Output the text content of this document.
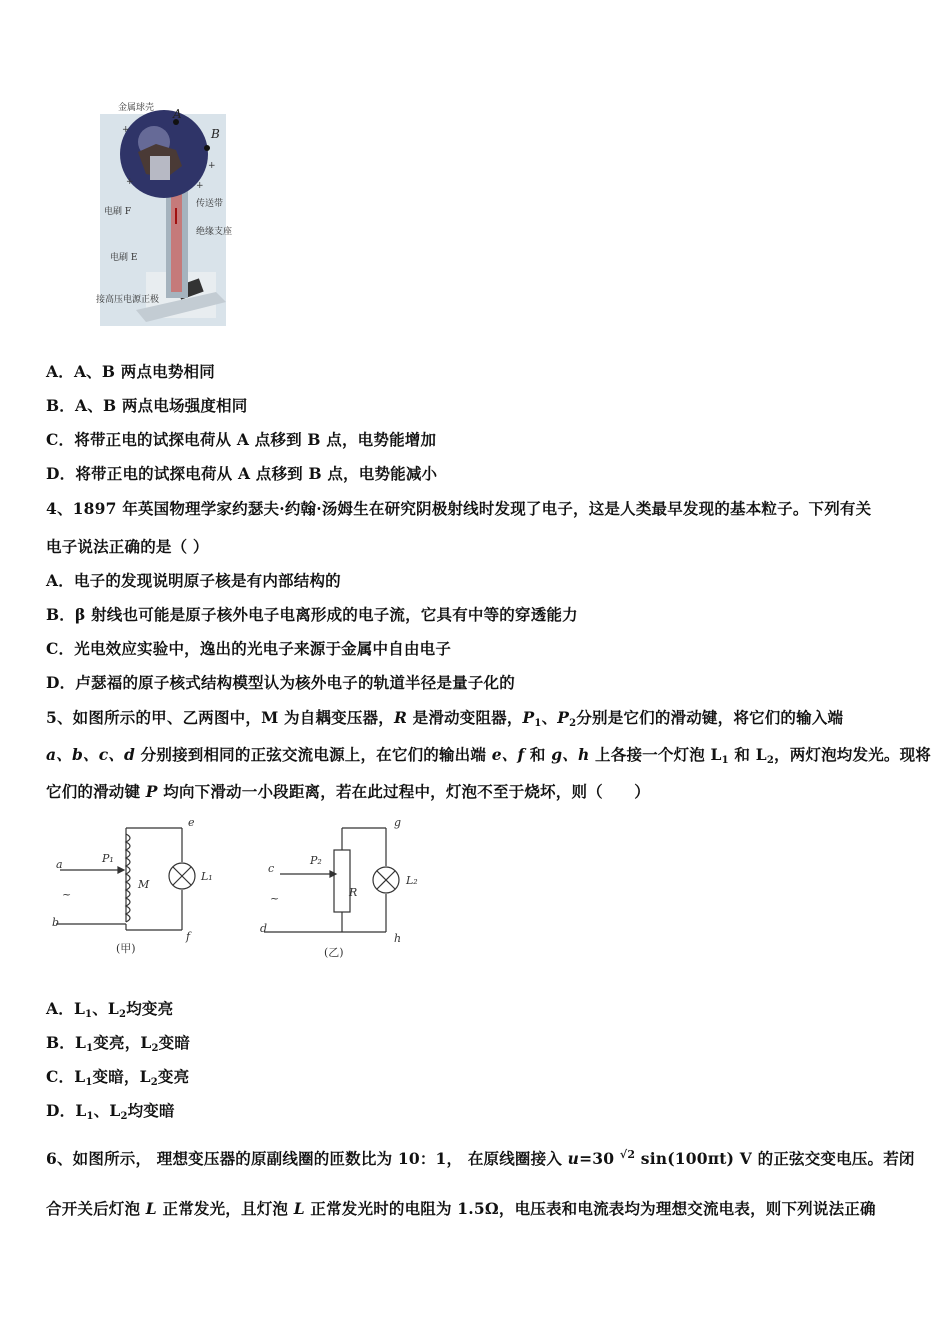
金属球壳 A
B
电刷 F
传送带
绝缘支座
电刷 E
接高压电源正极
+
+
+	+
A．A、B 两点电势相同
B．A、B 两点电场强度相同
C．将带正电的试探电荷从 A 点移到 B 点，电势能增加
D．将带正电的试探电荷从 A 点移到 B 点，电势能减小
4、1897 年英国物理学家约瑟夫·约翰·汤姆生在研究阴极射线时发现了电子，这是人类最早发现的基本粒子。下列有关
电子说法正确的是（ ）
A．电子的发现说明原子核是有内部结构的
B．β 射线也可能是原子核外电子电离形成的电子流，它具有中等的穿透能力
C．光电效应实验中，逸出的光电子来源于金属中自由电子
D．卢瑟福的原子核式结构模型认为核外电子的轨道半径是量子化的
5、如图所示的甲、乙两图中，M 为自耦变压器，R 是滑动变阻器，$P_1$、$P_2$分别是它们的滑动键，将它们的输入端
a、b、c、d 分别接到相同的正弦交流电源上，在它们的输出端 e、f 和 g、h 上各接一个灯泡 $L_1$ 和 $L_2$，两灯泡均发光。现将
它们的滑动键 P 均向下滑动一小段距离，若在此过程中，灯泡不至于烧坏，则（　　）
a
b
e
f
P₁
M
L₁
c
d
g
h
P₂
R
L₂
~	~
(甲)	(乙)
A．$L_1$、$L_2$均变亮
B．$L_1$变亮，$L_2$变暗
C．$L_1$变暗，$L_2$变亮
D．$L_1$、$L_2$均变暗
6、如图所示， 理想变压器的原副线圈的匝数比为 10：1， 在原线圈接入 u=30 $^{√2}$ sin(100πt) V 的正弦交变电压。若闭
合开关后灯泡 L 正常发光，且灯泡 L 正常发光时的电阻为 1.5Ω，电压表和电流表均为理想交流电表，则下列说法正确
